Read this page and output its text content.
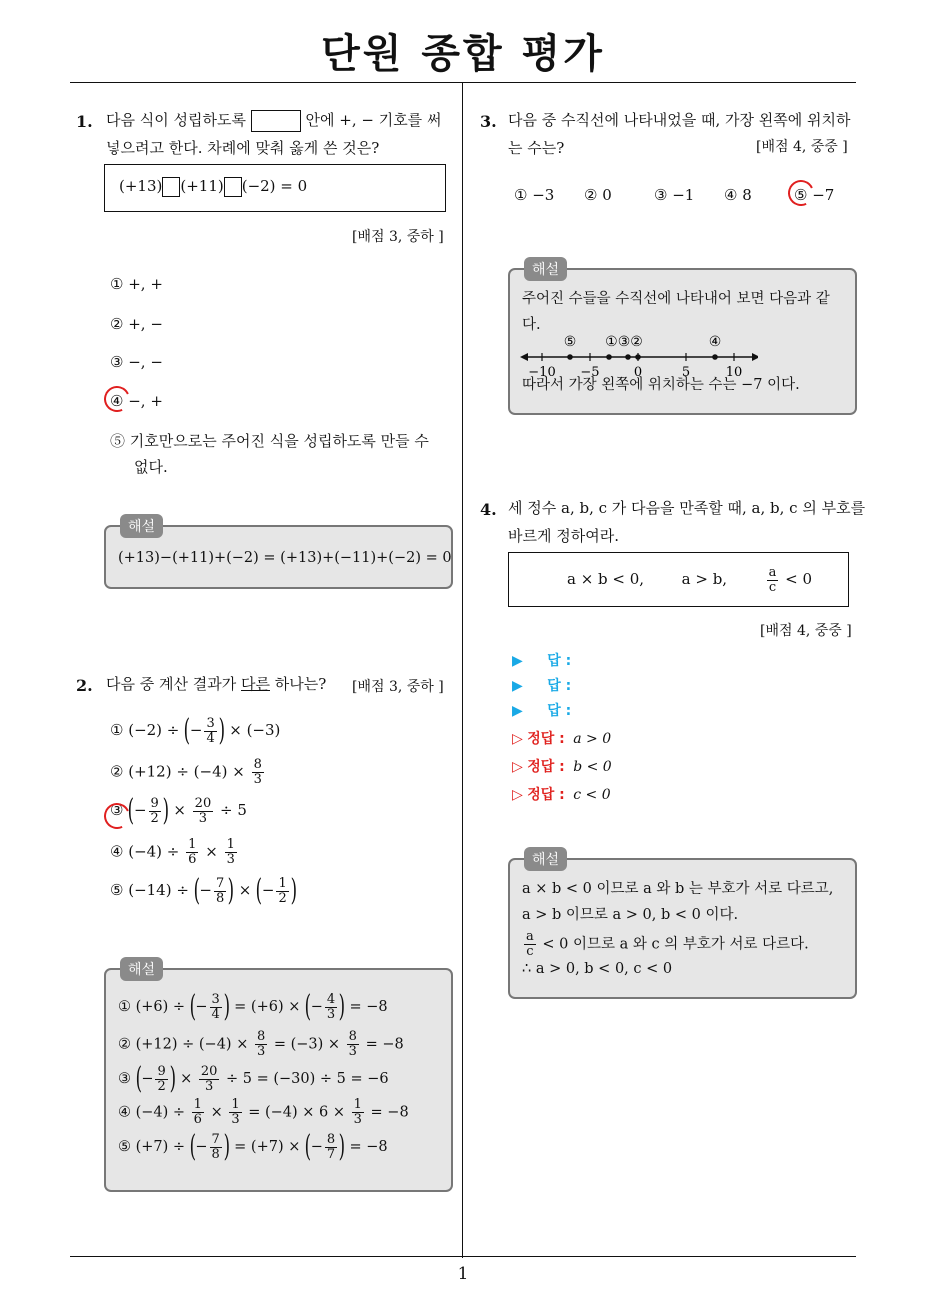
단원 종합 평가
1
1. 다음 식이 성립하도록	안에 +, − 기호를 써
넣으려고 한다. 차례에 맞춰 옳게 쓴 것은?
(+13) (+11) (−2) = 0
[배점 3, 중하 ]
① +, +
② +, −
③ −, −
④ −, +
⑤ 기호만으로는 주어진 식을 성립하도록 만들 수
없다.
해설
(+13)−(+11)+(−2) = (+13)+(−11)+(−2) = 0
2. 다음 중 계산 결과가 다른 하나는? [배점 3, 중하 ]
① (−2) ÷ (− $\frac{3}{4}$ ) × (−3)
② $(+12) \div (-4) \times \frac{8}{3}$
③ (− $\frac{9}{2}$ ) × $\frac{20}{3} \div 5$
④ $(-4) \div \frac{1}{6} \times \frac{1}{3}$
⑤ (−14) ÷ (− $\frac{7}{8}$ ) × (− $\frac{1}{2}$ )
해설
① (+6) ÷ (− $\frac{3}{4}$ ) = (+6) × (− $\frac{4}{3}$ ) = −8
② $(+12) \div (-4) \times \frac{8}{3} = (-3) \times \frac{8}{3} = -8$
③ (− $\frac{9}{2}$ ) × $\frac{20}{3} \div 5 = (-30) \div 5 = -6$
④ $(-4) \div \frac{1}{6} \times \frac{1}{3} = (-4) \times 6 \times \frac{1}{3} = -8$
⑤ (+7) ÷ (− $\frac{7}{8}$ ) = (+7) × (− $\frac{8}{7}$ ) = −8
3. 다음 중 수직선에 나타내었을 때, 가장 왼쪽에 위치하
는 수는?	[배점 4, 중중 ]
① −3 ② 0	③ −1 ④ 8	⑤ −7
해설
주어진 수들을 수직선에 나타내어 보면 다음과 같
다.
⑤ ①③②	④
−10 −5	0	5	10
따라서 가장 왼쪽에 위치하는 수는 −7 이다.
4. 세 정수 a, b, c 가 다음을 만족할 때, a, b, c 의 부호를
바르게 정하여라.
a × b < 0,	a > b,	$\frac{a}{c} < 0$
[배점 4, 중중 ]
▶ 답 :
▶ 답 :
▶ 답 :
▷ 정답 : a > 0
▷ 정답 : b < 0
▷ 정답 : c < 0
해설
a × b < 0 이므로 a 와 b 는 부호가 서로 다르고,
a > b 이므로 a > 0, b < 0 이다.
$\frac{a}{c} < 0$ 이므로 a 와 c 의 부호가 서로 다르다.
∴ a > 0, b < 0, c < 0
